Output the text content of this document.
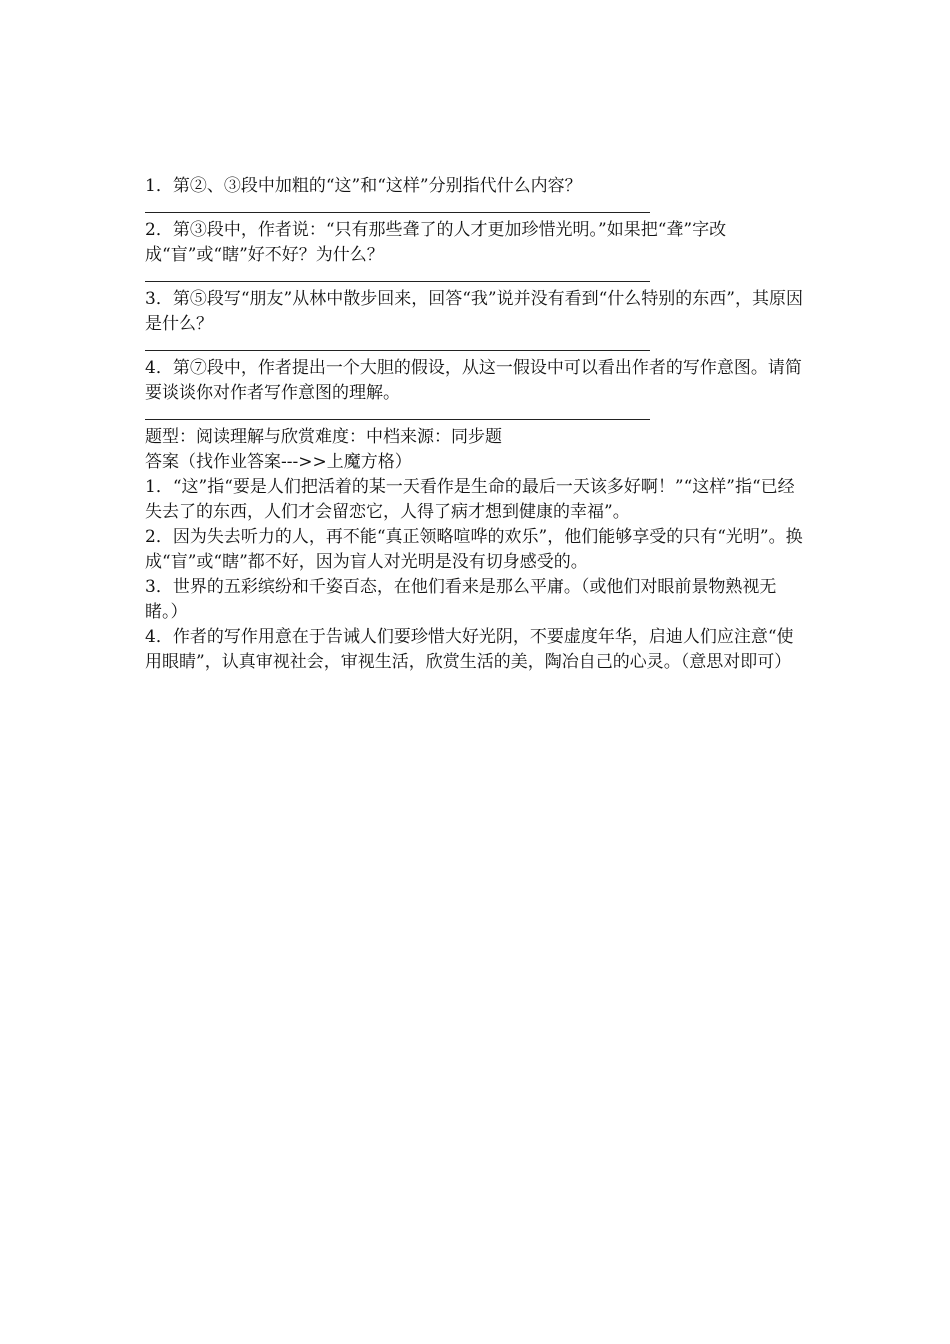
1．第②、③段中加粗的“这”和“这样”分别指代什么内容？

2．第③段中，作者说：“只有那些聋了的人才更加珍惜光明。”如果把“聋”字改成“盲”或“瞎”好不好？为什么？

3．第⑤段写“朋友”从林中散步回来，回答“我”说并没有看到“什么特别的东西”，其原因是什么？

4．第⑦段中，作者提出一个大胆的假设，从这一假设中可以看出作者的写作意图。请简要谈谈你对作者写作意图的理解。

题型：阅读理解与欣赏难度：中档来源：同步题

答案（找作业答案--->>上魔方格）

1．“这”指“要是人们把活着的某一天看作是生命的最后一天该多好啊！”“这样”指“已经失去了的东西，人们才会留恋它，人得了病才想到健康的幸福”。

2．因为失去听力的人，再不能“真正领略喧哗的欢乐”，他们能够享受的只有“光明”。换成“盲”或“瞎”都不好，因为盲人对光明是没有切身感受的。

3．世界的五彩缤纷和千姿百态，在他们看来是那么平庸。（或他们对眼前景物熟视无睹。）

4．作者的写作用意在于告诫人们要珍惜大好光阴，不要虚度年华，启迪人们应注意“使用眼睛”，认真审视社会，审视生活，欣赏生活的美，陶冶自己的心灵。（意思对即可）
